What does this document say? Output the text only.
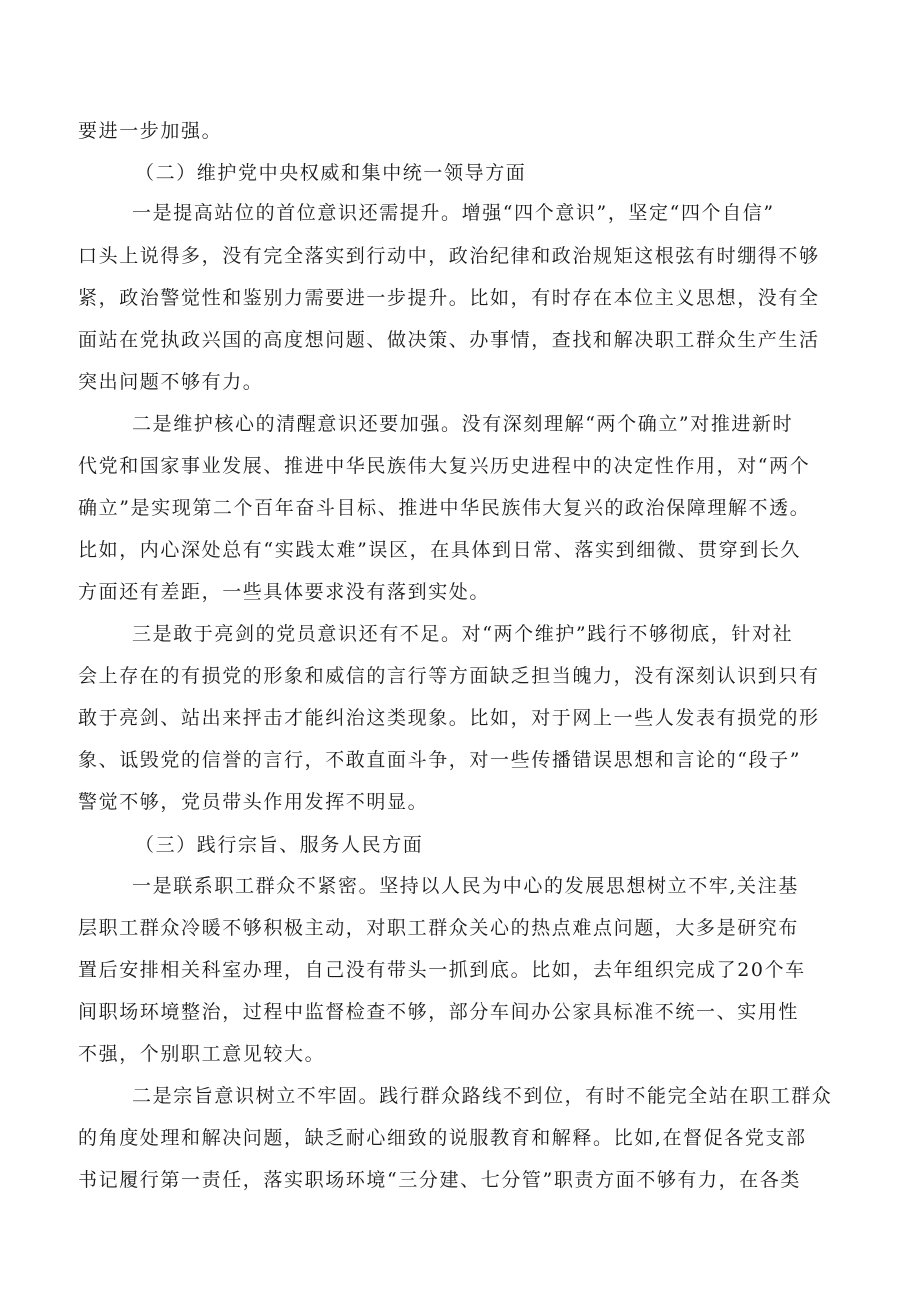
要进一步加强。
（二）维护党中央权威和集中统一领导方面
一是提高站位的首位意识还需提升。增强“四个意识”，坚定“四个自信”
口头上说得多，没有完全落实到行动中，政治纪律和政治规矩这根弦有时绷得不够
紧，政治警觉性和鉴别力需要进一步提升。比如，有时存在本位主义思想，没有全
面站在党执政兴国的高度想问题、做决策、办事情，查找和解决职工群众生产生活
突出问题不够有力。
二是维护核心的清醒意识还要加强。没有深刻理解“两个确立”对推进新时
代党和国家事业发展、推进中华民族伟大复兴历史进程中的决定性作用，对“两个
确立”是实现第二个百年奋斗目标、推进中华民族伟大复兴的政治保障理解不透。
比如，内心深处总有“实践太难”误区，在具体到日常、落实到细微、贯穿到长久
方面还有差距，一些具体要求没有落到实处。
三是敢于亮剑的党员意识还有不足。对“两个维护”践行不够彻底，针对社
会上存在的有损党的形象和威信的言行等方面缺乏担当魄力，没有深刻认识到只有
敢于亮剑、站出来抨击才能纠治这类现象。比如，对于网上一些人发表有损党的形
象、诋毁党的信誉的言行，不敢直面斗争，对一些传播错误思想和言论的“段子”
警觉不够，党员带头作用发挥不明显。
（三）践行宗旨、服务人民方面
一是联系职工群众不紧密。坚持以人民为中心的发展思想树立不牢,关注基
层职工群众冷暖不够积极主动，对职工群众关心的热点难点问题，大多是研究布
置后安排相关科室办理，自己没有带头一抓到底。比如，去年组织完成了20个车
间职场环境整治，过程中监督检查不够，部分车间办公家具标准不统一、实用性
不强，个别职工意见较大。
二是宗旨意识树立不牢固。践行群众路线不到位，有时不能完全站在职工群众
的角度处理和解决问题，缺乏耐心细致的说服教育和解释。比如,在督促各党支部
书记履行第一责任，落实职场环境“三分建、七分管”职责方面不够有力，在各类
